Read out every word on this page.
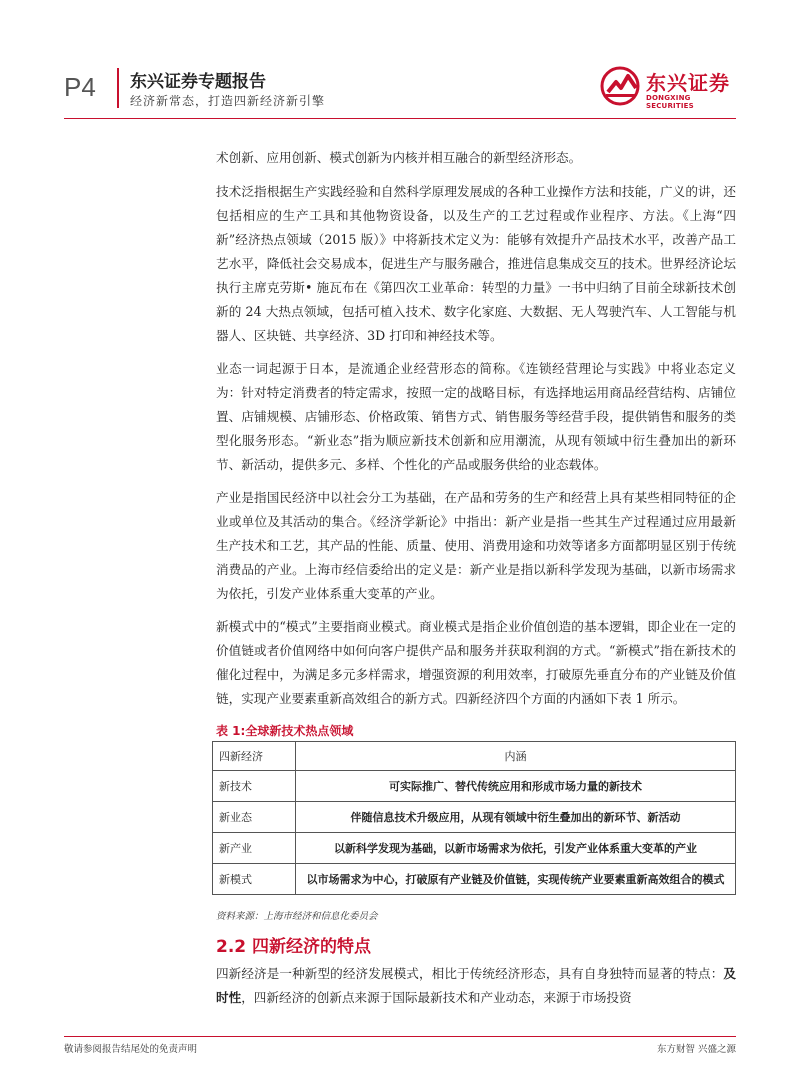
P4 东兴证券专题报告
经济新常态，打造四新经济新引擎
东兴证券
DONGXING SECURITIES

术创新、应用创新、模式创新为内核并相互融合的新型经济形态。

技术泛指根据生产实践经验和自然科学原理发展成的各种工业操作方法和技能，广义的讲，还包括相应的生产工具和其他物资设备，以及生产的工艺过程或作业程序、方法。《上海“四新”经济热点领域（2015 版）》中将新技术定义为：能够有效提升产品技术水平，改善产品工艺水平，降低社会交易成本，促进生产与服务融合，推进信息集成交互的技术。世界经济论坛执行主席克劳斯• 施瓦布在《第四次工业革命：转型的力量》一书中归纳了目前全球新技术创新的 24 大热点领域，包括可植入技术、数字化家庭、大数据、无人驾驶汽车、人工智能与机器人、区块链、共享经济、3D 打印和神经技术等。

业态一词起源于日本，是流通企业经营形态的简称。《连锁经营理论与实践》中将业态定义为：针对特定消费者的特定需求，按照一定的战略目标，有选择地运用商品经营结构、店铺位置、店铺规模、店铺形态、价格政策、销售方式、销售服务等经营手段，提供销售和服务的类型化服务形态。“新业态”指为顺应新技术创新和应用潮流，从现有领域中衍生叠加出的新环节、新活动，提供多元、多样、个性化的产品或服务供给的业态载体。

产业是指国民经济中以社会分工为基础，在产品和劳务的生产和经营上具有某些相同特征的企业或单位及其活动的集合。《经济学新论》中指出：新产业是指一些其生产过程通过应用最新生产技术和工艺，其产品的性能、质量、使用、消费用途和功效等诸多方面都明显区别于传统消费品的产业。上海市经信委给出的定义是：新产业是指以新科学发现为基础，以新市场需求为依托，引发产业体系重大变革的产业。

新模式中的“模式”主要指商业模式。商业模式是指企业价值创造的基本逻辑，即企业在一定的价值链或者价值网络中如何向客户提供产品和服务并获取利润的方式。“新模式”指在新技术的催化过程中，为满足多元多样需求，增强资源的利用效率，打破原先垂直分布的产业链及价值链，实现产业要素重新高效组合的新方式。四新经济四个方面的内涵如下表 1 所示。

表 1:全球新技术热点领域
四新经济	内涵
新技术	可实际推广、替代传统应用和形成市场力量的新技术
新业态	伴随信息技术升级应用，从现有领域中衍生叠加出的新环节、新活动
新产业	以新科学发现为基础，以新市场需求为依托，引发产业体系重大变革的产业
新模式	以市场需求为中心，打破原有产业链及价值链，实现传统产业要素重新高效组合的模式
资料来源：上海市经济和信息化委员会
2.2 四新经济的特点
四新经济是一种新型的经济发展模式，相比于传统经济形态，具有自身独特而显著的特点：及时性，四新经济的创新点来源于国际最新技术和产业动态，来源于市场投资
敬请参阅报告结尾处的免责声明	东方财智 兴盛之源
